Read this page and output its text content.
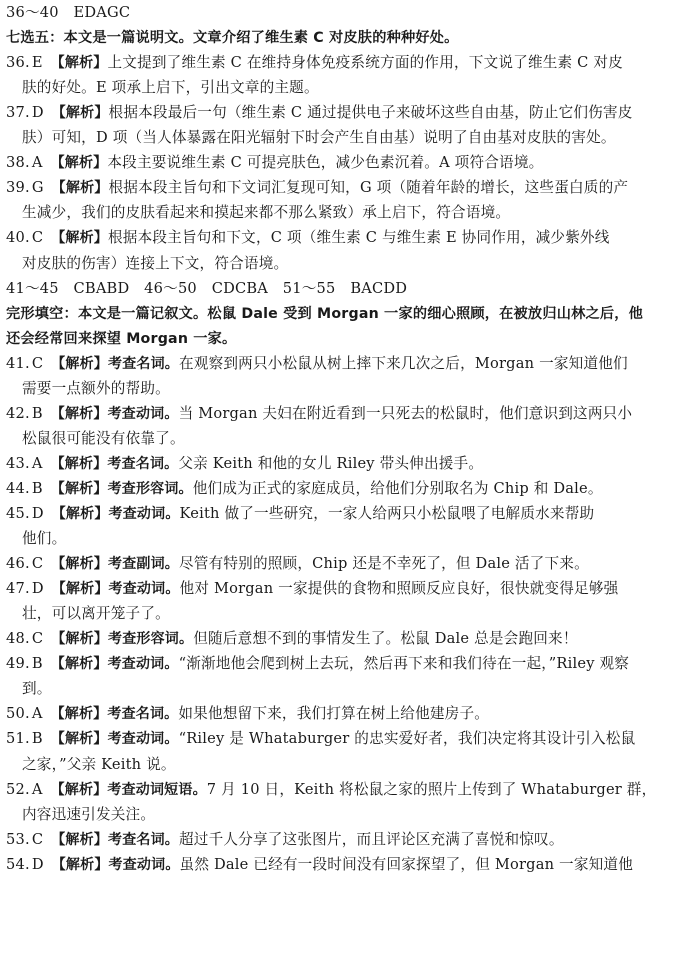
36～40　EDAGC
七选五：本文是一篇说明文。文章介绍了维生素 C 对皮肤的种种好处。
36. E 【解析】上文提到了维生素 C 在维持身体免疫系统方面的作用，下文说了维生素 C 对皮
肤的好处。E 项承上启下，引出文章的主题。
37. D 【解析】根据本段最后一句（维生素 C 通过提供电子来破坏这些自由基，防止它们伤害皮
肤）可知，D 项（当人体暴露在阳光辐射下时会产生自由基）说明了自由基对皮肤的害处。
38. A 【解析】本段主要说维生素 C 可提亮肤色，减少色素沉着。A 项符合语境。
39. G 【解析】根据本段主旨句和下文词汇复现可知，G 项（随着年龄的增长，这些蛋白质的产
生减少，我们的皮肤看起来和摸起来都不那么紧致）承上启下，符合语境。
40. C 【解析】根据本段主旨句和下文，C 项（维生素 C 与维生素 E 协同作用，减少紫外线
对皮肤的伤害）连接上下文，符合语境。
41～45　CBABD　46～50　CDCBA　51～55　BACDD
完形填空：本文是一篇记叙文。松鼠 Dale 受到 Morgan 一家的细心照顾，在被放归山林之后，他
还会经常回来探望 Morgan 一家。
41. C 【解析】考查名词。在观察到两只小松鼠从树上摔下来几次之后，Morgan 一家知道他们
需要一点额外的帮助。
42. B 【解析】考查动词。当 Morgan 夫妇在附近看到一只死去的松鼠时，他们意识到这两只小
松鼠很可能没有依靠了。
43. A 【解析】考查名词。父亲 Keith 和他的女儿 Riley 带头伸出援手。
44. B 【解析】考查形容词。他们成为正式的家庭成员，给他们分别取名为 Chip 和 Dale。
45. D 【解析】考查动词。Keith 做了一些研究，一家人给两只小松鼠喂了电解质水来帮助
他们。
46. C 【解析】考查副词。尽管有特别的照顾，Chip 还是不幸死了，但 Dale 活了下来。
47. D 【解析】考查动词。他对 Morgan 一家提供的食物和照顾反应良好，很快就变得足够强
壮，可以离开笼子了。
48. C 【解析】考查形容词。但随后意想不到的事情发生了。松鼠 Dale 总是会跑回来！
49. B 【解析】考查动词。“渐渐地他会爬到树上去玩，然后再下来和我们待在一起，”Riley 观察
到。
50. A 【解析】考查名词。如果他想留下来，我们打算在树上给他建房子。
51. B 【解析】考查动词。“Riley 是 Whataburger 的忠实爱好者，我们决定将其设计引入松鼠
之家，”父亲 Keith 说。
52. A 【解析】考查动词短语。7 月 10 日，Keith 将松鼠之家的照片上传到了 Whataburger 群，
内容迅速引发关注。
53. C 【解析】考查名词。超过千人分享了这张图片，而且评论区充满了喜悦和惊叹。
54. D 【解析】考查动词。虽然 Dale 已经有一段时间没有回家探望了，但 Morgan 一家知道他
